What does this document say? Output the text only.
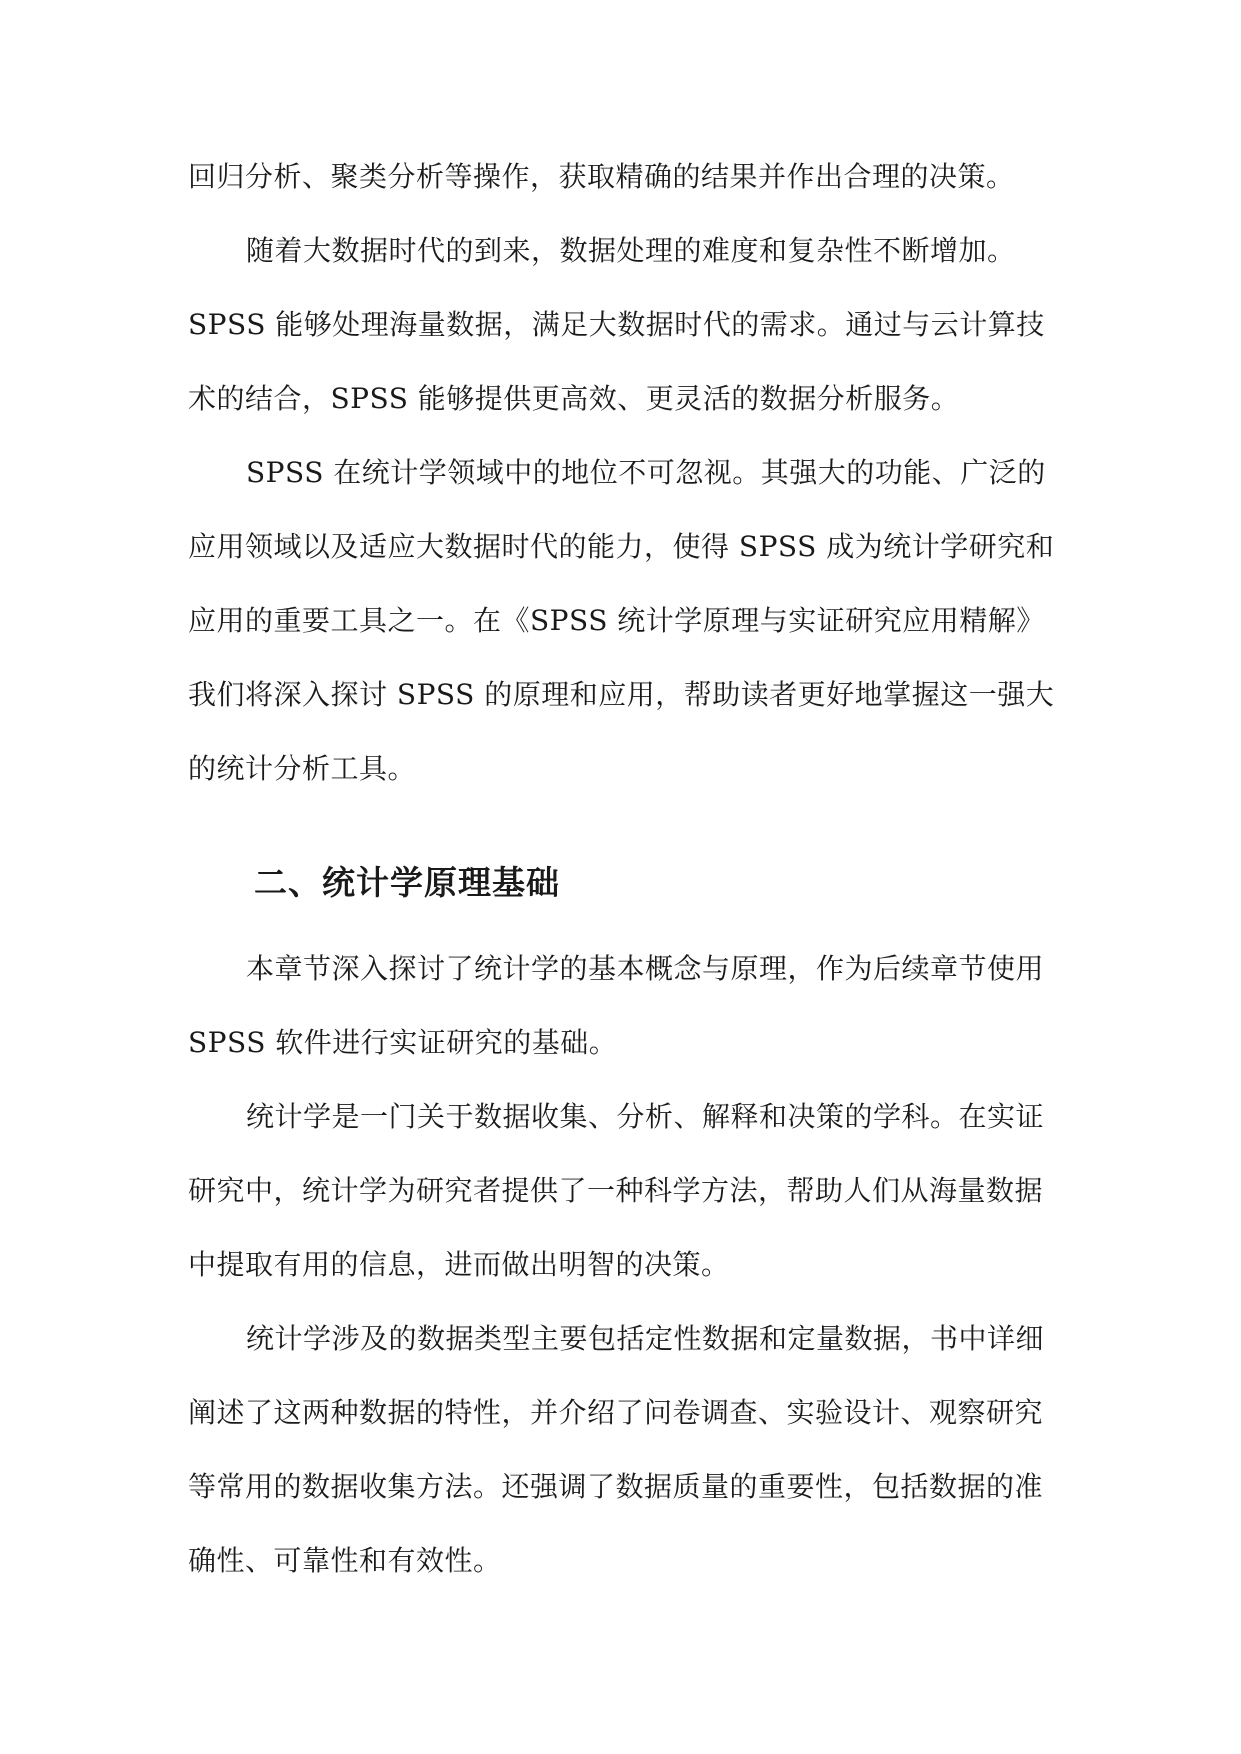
回归分析、聚类分析等操作，获取精确的结果并作出合理的决策。
随着大数据时代的到来，数据处理的难度和复杂性不断增加。
SPSS 能够处理海量数据，满足大数据时代的需求。通过与云计算技
术的结合，SPSS 能够提供更高效、更灵活的数据分析服务。
SPSS 在统计学领域中的地位不可忽视。其强大的功能、广泛的
应用领域以及适应大数据时代的能力，使得 SPSS 成为统计学研究和
应用的重要工具之一。在《SPSS 统计学原理与实证研究应用精解》
我们将深入探讨 SPSS 的原理和应用，帮助读者更好地掌握这一强大
的统计分析工具。
二、统计学原理基础
本章节深入探讨了统计学的基本概念与原理，作为后续章节使用
SPSS 软件进行实证研究的基础。
统计学是一门关于数据收集、分析、解释和决策的学科。在实证
研究中，统计学为研究者提供了一种科学方法，帮助人们从海量数据
中提取有用的信息，进而做出明智的决策。
统计学涉及的数据类型主要包括定性数据和定量数据，书中详细
阐述了这两种数据的特性，并介绍了问卷调查、实验设计、观察研究
等常用的数据收集方法。还强调了数据质量的重要性，包括数据的准
确性、可靠性和有效性。
